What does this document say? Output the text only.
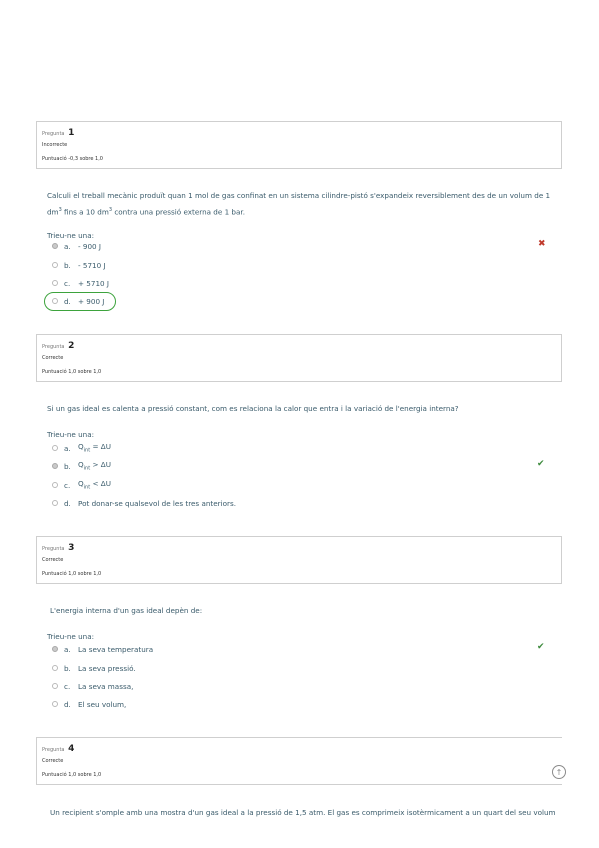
Pregunta 1
Incorrecte
Puntuació -0,3 sobre 1,0
Calculi el treball mecànic produït quan 1 mol de gas confinat en un sistema cilindre-pistó s'expandeix reversiblement des de un volum de 1
$dm^3$ fins a 10 $dm^3$ contra una pressió externa de 1 bar.
Trieu-ne una:
a.	- 900 J
b. - 5710 J
c.	+ 5710 J
d. + 900 J
✖
Pregunta 2
Correcte
Puntuació 1,0 sobre 1,0
Si un gas ideal es calenta a pressió constant, com es relaciona la calor que entra i la variació de l'energia interna?
Trieu-ne una:
a.	$Q_{int} = \Delta U$
b. $Q_{int} > \Delta U$
c.	$Q_{int} < \Delta U$
d. Pot donar-se qualsevol de les tres anteriors.
✔
Pregunta 3
Correcte
Puntuació 1,0 sobre 1,0
L'energia interna d'un gas ideal depèn de:
Trieu-ne una:
a.	La seva temperatura
b. La seva pressió.
c.	La seva massa,
d. El seu volum,
✔
Pregunta 4
Correcte
Puntuació 1,0 sobre 1,0
Un recipient s'omple amb una mostra d'un gas ideal a la pressió de 1,5 atm. El gas es comprimeix isotèrmicament a un quart del seu volum
↑
